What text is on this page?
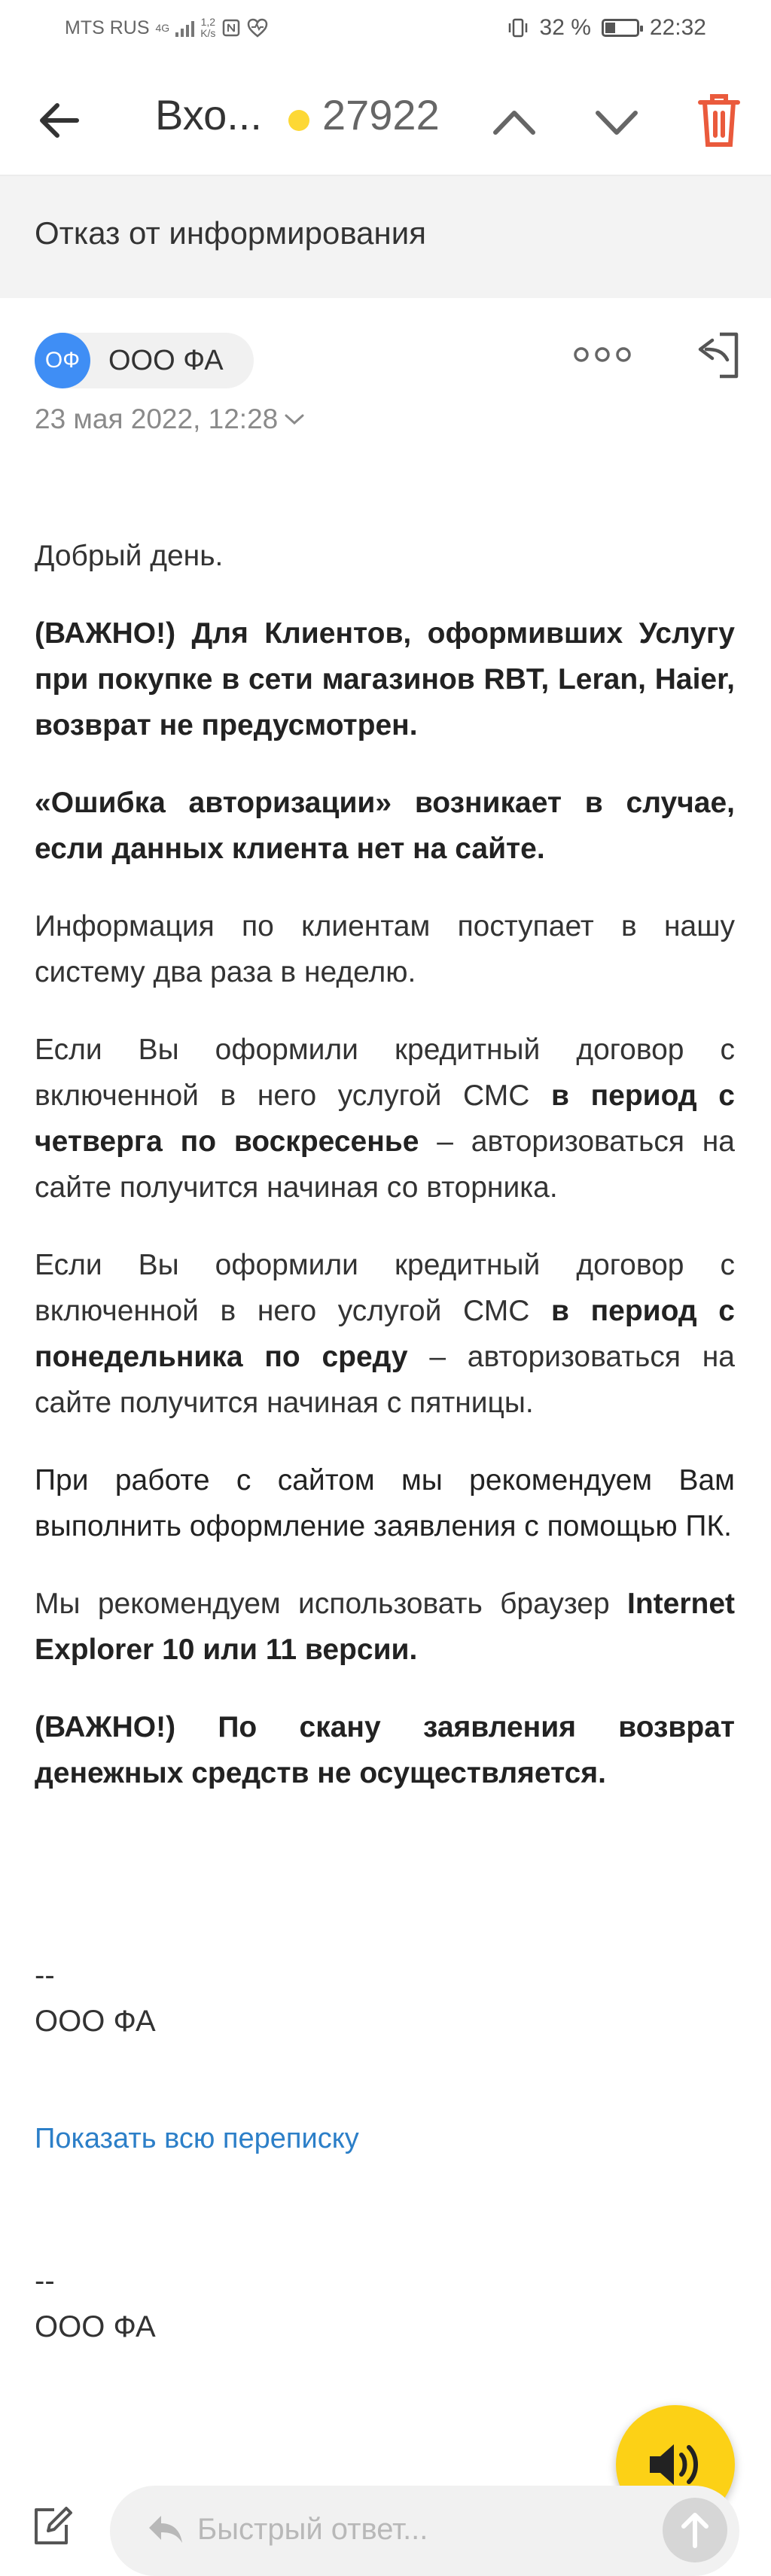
MTS RUS 4G	1,2
K/s	32 %	22:32
Вхо... 27922
Отказ от информирования
ОФ ООО ФА
23 мая 2022, 12:28

Добрый день.

(ВАЖНО!) Для Клиентов, оформивших Услугу при покупке в сети магазинов RBT, Leran, Haier, возврат не предусмотрен.

«Ошибка авторизации» возникает в случае, если данных клиента нет на сайте.

Информация по клиентам поступает в нашу систему два раза в неделю.

Если Вы оформили кредитный договор с включенной в него услугой СМС в период с четверга по воскресенье – авторизоваться на сайте получится начиная со вторника.

Если Вы оформили кредитный договор с включенной в него услугой СМС в период с понедельника по среду – авторизоваться на сайте получится начиная с пятницы.

При работе с сайтом мы рекомендуем Вам выполнить оформление заявления с помощью ПК.

Мы рекомендуем использовать браузер Internet Explorer 10 или 11 версии.

(ВАЖНО!) По скану заявления возврат денежных средств не осуществляется.

--
ООО ФА
Показать всю переписку
--
ООО ФА
Быстрый ответ...
